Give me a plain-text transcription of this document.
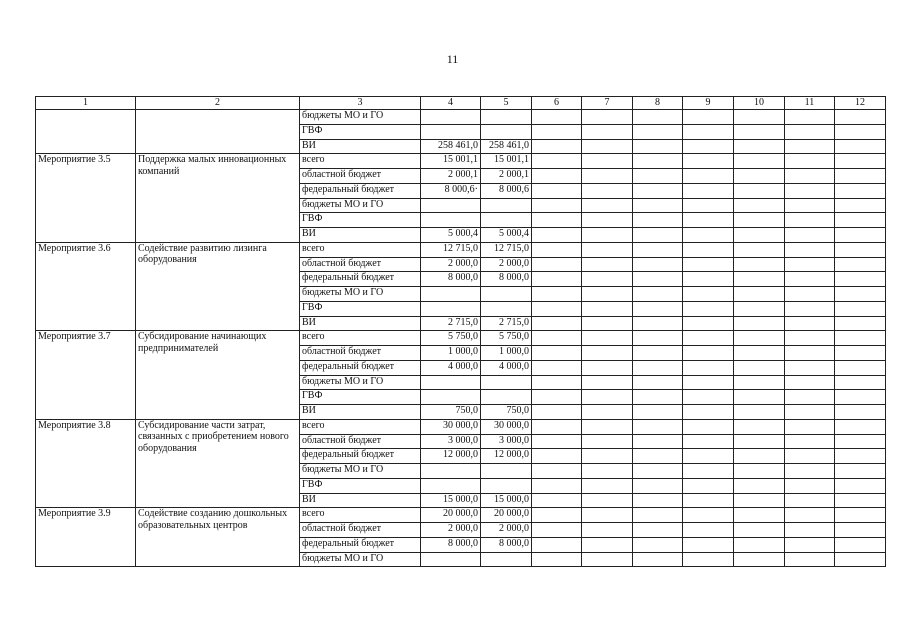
11
1	2	3	4	5	6	7	8	9	10	11	12
		бюджеты МО и ГО									
		ГВФ									
		ВИ	258 461,0	258 461,0							
Мероприятие 3.5	Поддержка малых инновационных компаний	всего	15 001,1	15 001,1							
		областной бюджет	2 000,1	2 000,1							
		федеральный бюджет	8 000,6·	8 000,6							
		бюджеты МО и ГО									
		ГВФ									
		ВИ	5 000,4	5 000,4							
Мероприятие 3.6	Содействие развитию лизинга оборудования	всего	12 715,0	12 715,0							
		областной бюджет	2 000,0	2 000,0							
		федеральный бюджет	8 000,0	8 000,0							
		бюджеты МО и ГО									
		ГВФ									
		ВИ	2 715,0	2 715,0							
Мероприятие 3.7	Субсидирование начинающих предпринимателей	всего	5 750,0	5 750,0							
		областной бюджет	1 000,0	1 000,0							
		федеральный бюджет	4 000,0	4 000,0							
		бюджеты МО и ГО									
		ГВФ									
		ВИ	750,0	750,0							
Мероприятие 3.8	Субсидирование части затрат, связанных с приобретением нового оборудования	всего	30 000,0	30 000,0							
		областной бюджет	3 000,0	3 000,0							
		федеральный бюджет	12 000,0	12 000,0							
		бюджеты МО и ГО									
		ГВФ									
		ВИ	15 000,0	15 000,0							
Мероприятие 3.9	Содействие созданию дошкольных образовательных центров	всего	20 000,0	20 000,0							
		областной бюджет	2 000,0	2 000,0							
		федеральный бюджет	8 000,0	8 000,0							
		бюджеты МО и ГО									
